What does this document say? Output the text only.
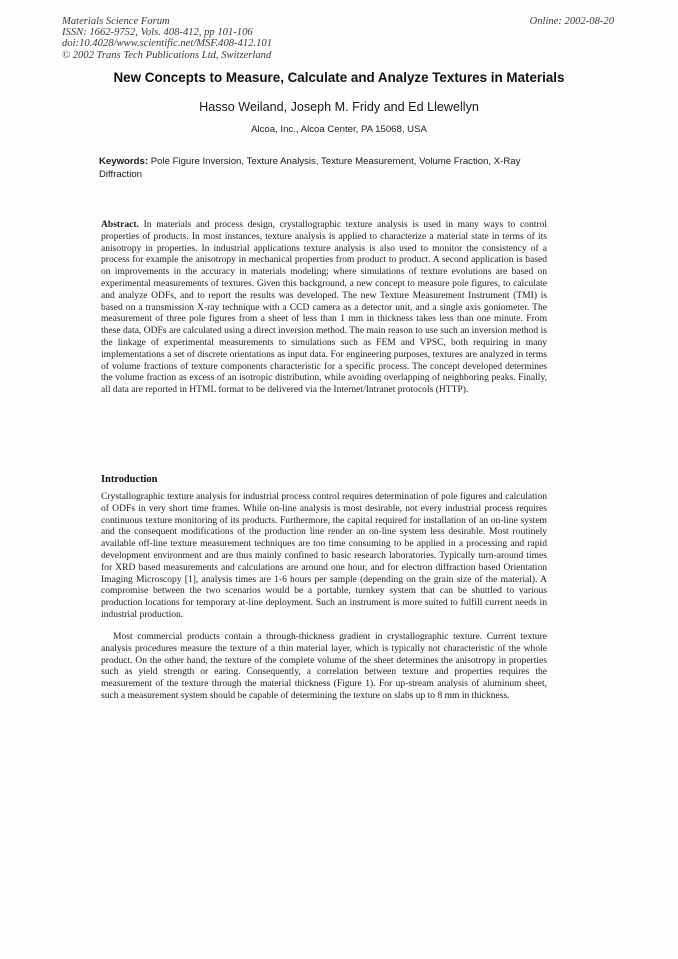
Materials Science Forum
ISSN: 1662-9752, Vols. 408-412, pp 101-106
doi:10.4028/www.scientific.net/MSF.408-412.101
© 2002 Trans Tech Publications Ltd, Switzerland
Online: 2002-08-20
New Concepts to Measure, Calculate and Analyze Textures in Materials
Hasso Weiland, Joseph M. Fridy and Ed Llewellyn
Alcoa, Inc., Alcoa Center, PA 15068, USA
Keywords: Pole Figure Inversion, Texture Analysis, Texture Measurement, Volume Fraction, X-Ray Diffraction
Abstract. In materials and process design, crystallographic texture analysis is used in many ways to control properties of products. In most instances, texture analysis is applied to characterize a material state in terms of its anisotropy in properties. In industrial applications texture analysis is also used to monitor the consistency of a process for example the anisotropy in mechanical properties from product to product. A second application is based on improvements in the accuracy in materials modeling; where simulations of texture evolutions are based on experimental measurements of textures. Given this background, a new concept to measure pole figures, to calculate and analyze ODFs, and to report the results was developed. The new Texture Measurement Instrument (TMI) is based on a transmission X-ray technique with a CCD camera as a detector unit, and a single axis goniometer. The measurement of three pole figures from a sheet of less than 1 mm in thickness takes less than one minute. From these data, ODFs are calculated using a direct inversion method. The main reason to use such an inversion method is the linkage of experimental measurements to simulations such as FEM and VPSC, both requiring in many implementations a set of discrete orientations as input data. For engineering purposes, textures are analyzed in terms of volume fractions of texture components characteristic for a specific process. The concept developed determines the volume fraction as excess of an isotropic distribution, while avoiding overlapping of neighboring peaks. Finally, all data are reported in HTML format to be delivered via the Internet/Intranet protocols (HTTP).
Introduction
Crystallographic texture analysis for industrial process control requires determination of pole figures and calculation of ODFs in very short time frames. While on-line analysis is most desirable, not every industrial process requires continuous texture monitoring of its products. Furthermore, the capital required for installation of an on-line system and the consequent modifications of the production line render an on-line system less desirable. Most routinely available off-line texture measurement techniques are too time consuming to be applied in a processing and rapid development environment and are thus mainly confined to basic research laboratories. Typically turn-around times for XRD based measurements and calculations are around one hour, and for electron diffraction based Orientation Imaging Microscopy [1], analysis times are 1-6 hours per sample (depending on the grain size of the material). A compromise between the two scenarios would be a portable, turnkey system that can be shuttled to various production locations for temporary at-line deployment. Such an instrument is more suited to fulfill current needs in industrial production.
Most commercial products contain a through-thickness gradient in crystallographic texture. Current texture analysis procedures measure the texture of a thin material layer, which is typically not characteristic of the whole product. On the other hand, the texture of the complete volume of the sheet determines the anisotropy in properties such as yield strength or earing. Consequently, a correlation between texture and properties requires the measurement of the texture through the material thickness (Figure 1). For up-stream analysis of aluminum sheet, such a measurement system should be capable of determining the texture on slabs up to 8 mm in thickness.
